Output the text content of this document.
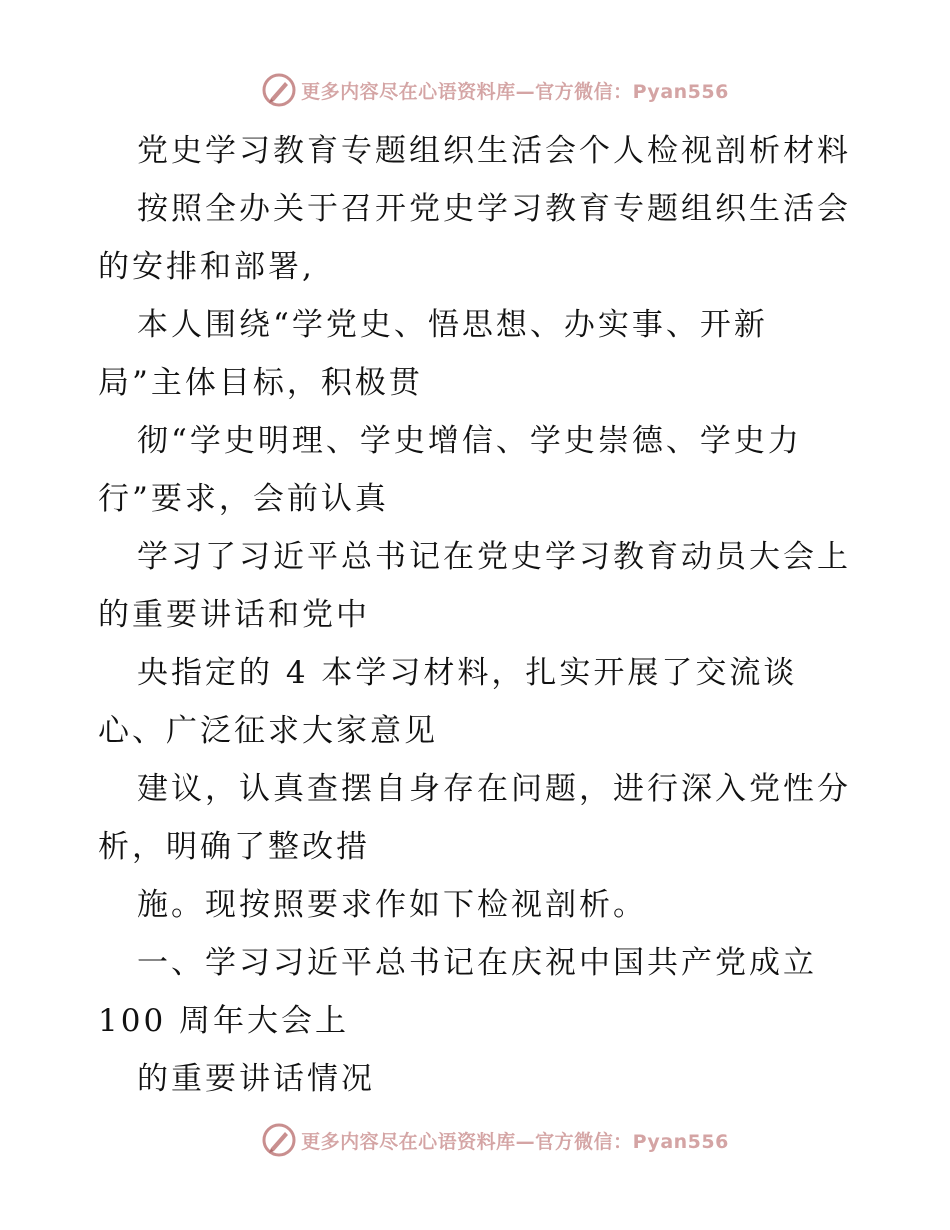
更多内容尽在心语资料库—官方微信：Pyan556
党史学习教育专题组织生活会个人检视剖析材料
按照全办关于召开党史学习教育专题组织生活会
的安排和部署,
本人围绕“学党史、悟思想、办实事、开新
局”主体目标，积极贯
彻“学史明理、学史增信、学史崇德、学史力
行”要求，会前认真
学习了习近平总书记在党史学习教育动员大会上
的重要讲话和党中
央指定的 4 本学习材料，扎实开展了交流谈
心、广泛征求大家意见
建议，认真查摆自身存在问题，进行深入党性分
析，明确了整改措
施。现按照要求作如下检视剖析。
一、学习习近平总书记在庆祝中国共产党成立
100 周年大会上
的重要讲话情况
更多内容尽在心语资料库—官方微信：Pyan556
